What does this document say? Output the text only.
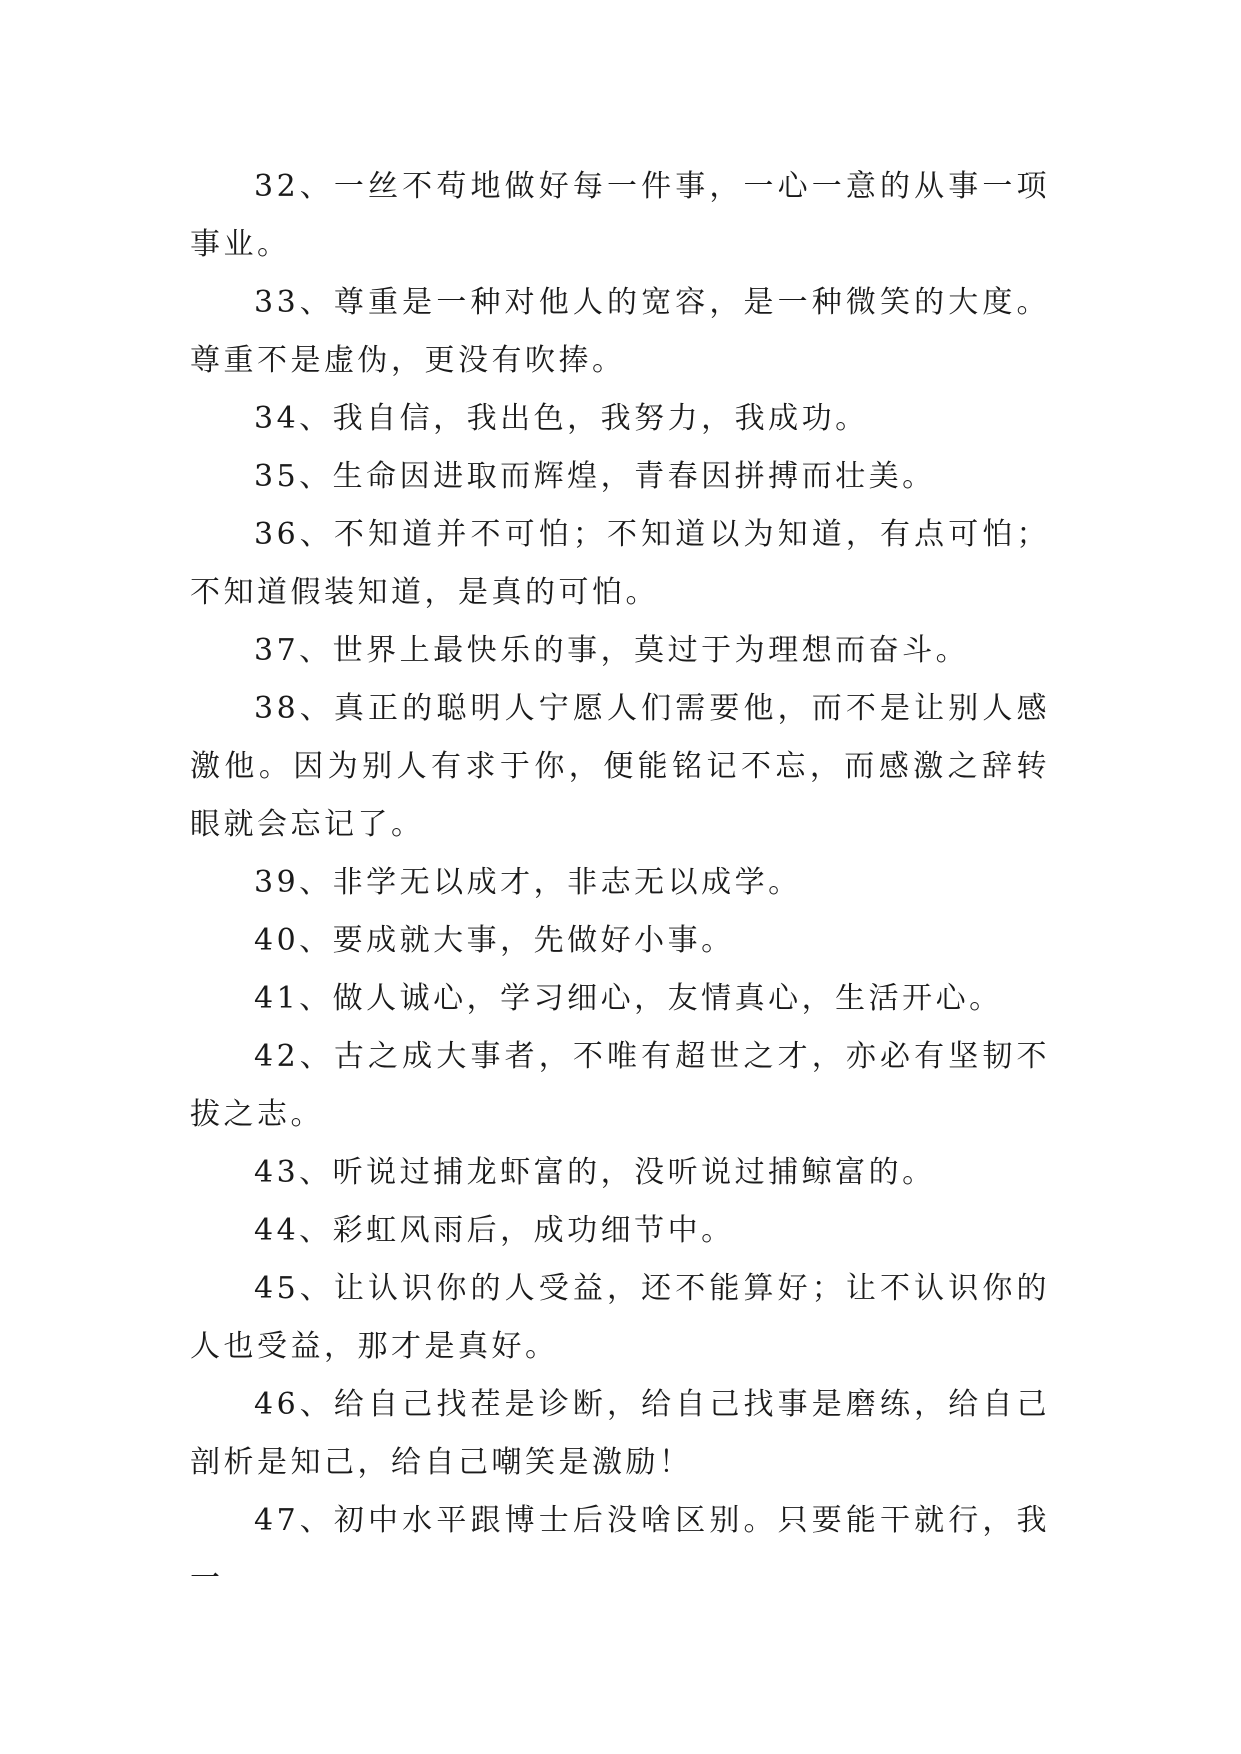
32、一丝不苟地做好每一件事，一心一意的从事一项事业。

33、尊重是一种对他人的宽容，是一种微笑的大度。尊重不是虚伪，更没有吹捧。

34、我自信，我出色，我努力，我成功。

35、生命因进取而辉煌，青春因拼搏而壮美。

36、不知道并不可怕；不知道以为知道，有点可怕；不知道假装知道，是真的可怕。

37、世界上最快乐的事，莫过于为理想而奋斗。

38、真正的聪明人宁愿人们需要他，而不是让别人感激他。因为别人有求于你，便能铭记不忘，而感激之辞转眼就会忘记了。

39、非学无以成才，非志无以成学。

40、要成就大事，先做好小事。

41、做人诚心，学习细心，友情真心，生活开心。

42、古之成大事者，不唯有超世之才，亦必有坚韧不拔之志。

43、听说过捕龙虾富的，没听说过捕鲸富的。

44、彩虹风雨后，成功细节中。

45、让认识你的人受益，还不能算好；让不认识你的人也受益，那才是真好。

46、给自己找茬是诊断，给自己找事是磨练，给自己剖析是知己，给自己嘲笑是激励！

47、初中水平跟博士后没啥区别。只要能干就行，我一
